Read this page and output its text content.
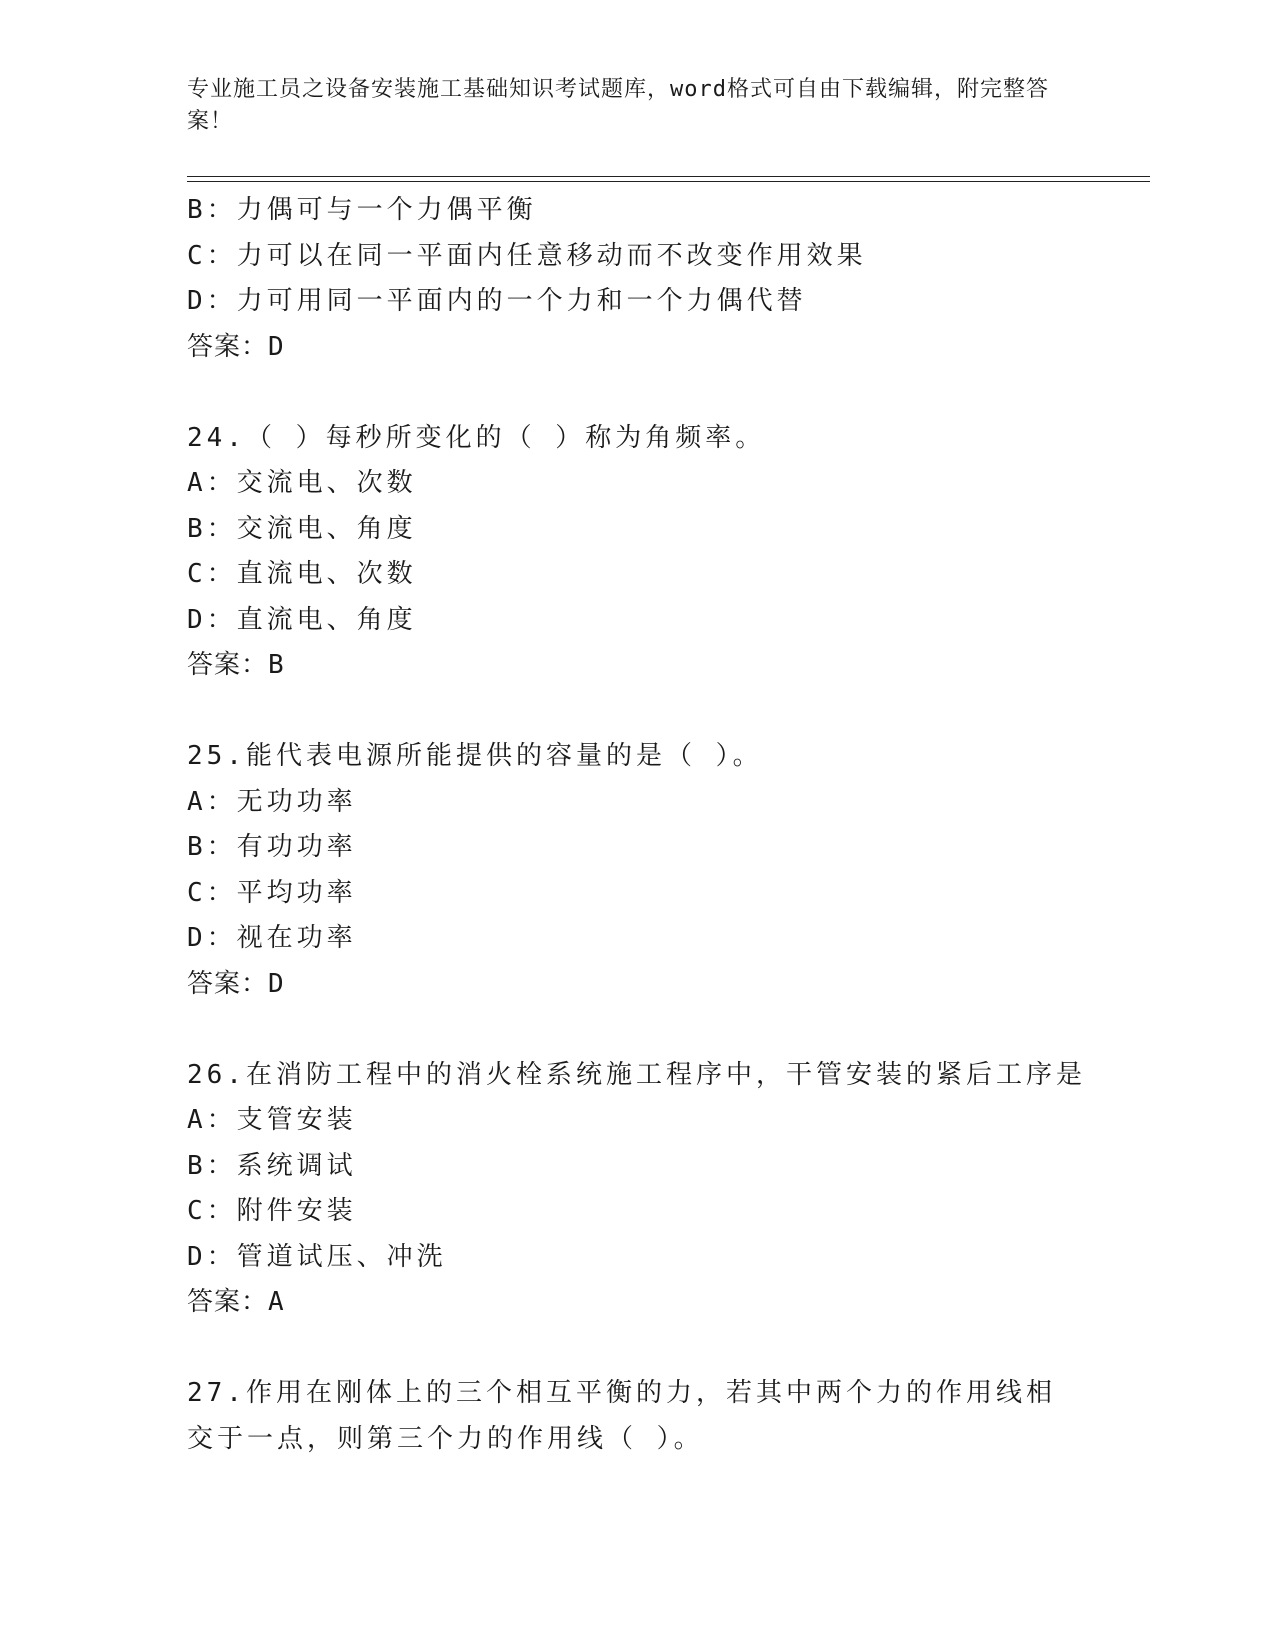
专业施工员之设备安装施工基础知识考试题库，word格式可自由下载编辑，附完整答案！
B：力偶可与一个力偶平衡
C：力可以在同一平面内任意移动而不改变作用效果
D：力可用同一平面内的一个力和一个力偶代替
答案：D
24.（ ）每秒所变化的（ ）称为角频率。
A：交流电、次数
B：交流电、角度
C：直流电、次数
D：直流电、角度
答案：B
25.能代表电源所能提供的容量的是（ ）。
A：无功功率
B：有功功率
C：平均功率
D：视在功率
答案：D
26.在消防工程中的消火栓系统施工程序中，干管安装的紧后工序是
A：支管安装
B：系统调试
C：附件安装
D：管道试压、冲洗
答案：A
27.作用在刚体上的三个相互平衡的力，若其中两个力的作用线相交于一点，则第三个力的作用线（ ）。
